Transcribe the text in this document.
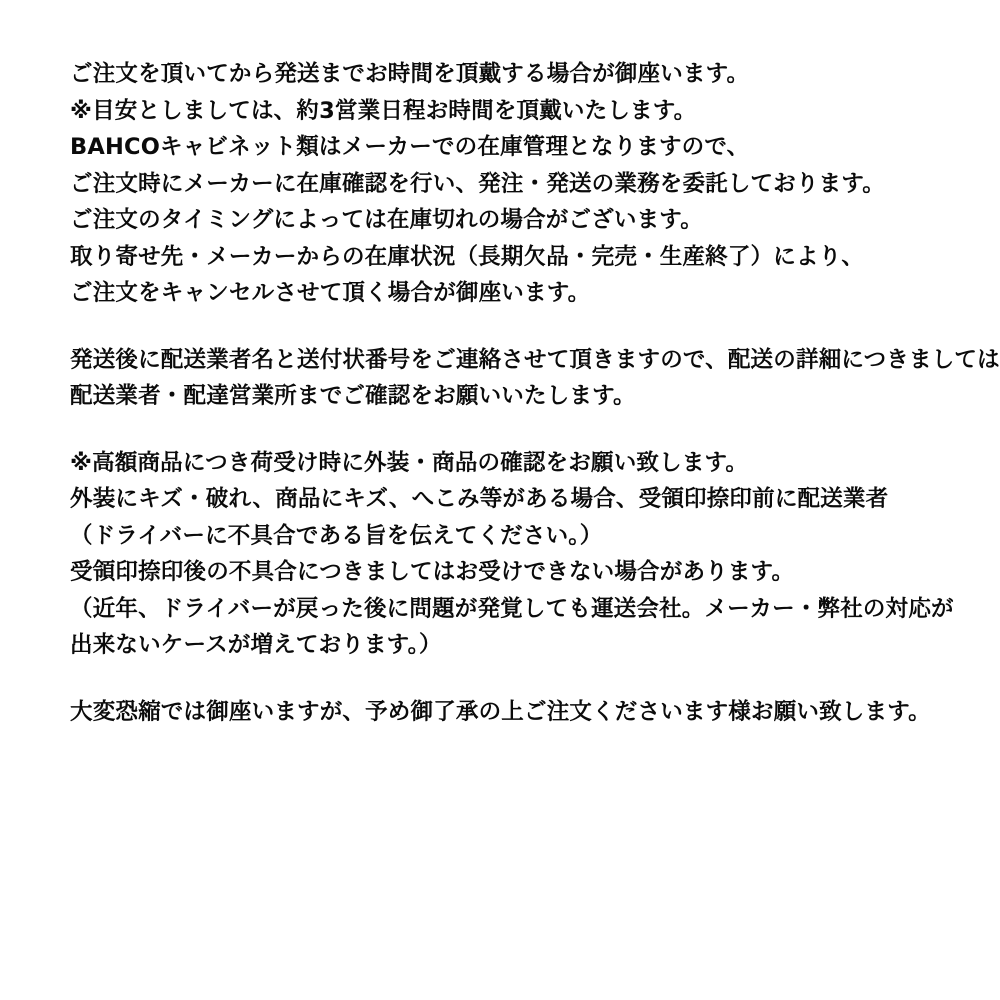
ご注文を頂いてから発送までお時間を頂戴する場合が御座います。
※目安としましては、約3営業日程お時間を頂戴いたします。
BAHCOキャビネット類はメーカーでの在庫管理となりますので、
ご注文時にメーカーに在庫確認を行い、発注・発送の業務を委託しております。
ご注文のタイミングによっては在庫切れの場合がございます。
取り寄せ先・メーカーからの在庫状況（長期欠品・完売・生産終了）により、
ご注文をキャンセルさせて頂く場合が御座います。
発送後に配送業者名と送付状番号をご連絡させて頂きますので、配送の詳細につきましては
配送業者・配達営業所までご確認をお願いいたします。
※高額商品につき荷受け時に外装・商品の確認をお願い致します。
外装にキズ・破れ、商品にキズ、へこみ等がある場合、受領印捺印前に配送業者
（ドライバーに不具合である旨を伝えてください。）
受領印捺印後の不具合につきましてはお受けできない場合があります。
（近年、ドライバーが戻った後に問題が発覚しても運送会社。メーカー・弊社の対応が
出来ないケースが増えております。）
大変恐縮では御座いますが、予め御了承の上ご注文くださいます様お願い致します。
